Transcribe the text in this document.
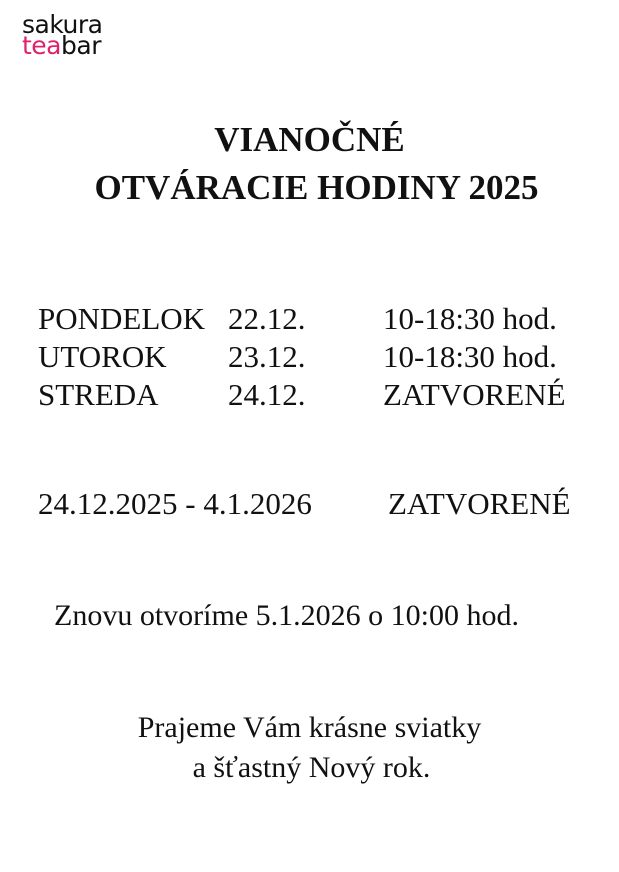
sakura
teabar
VIANOČNÉ
OTVÁRACIE HODINY 2025
PONDELOK 22.12.	10-18:30 hod.
UTOROK 23.12.	10-18:30 hod.
STREDA 24.12.	ZATVORENÉ
24.12.2025 - 4.1.2026 ZATVORENÉ
Znovu otvoríme 5.1.2026 o 10:00 hod.
Prajeme Vám krásne sviatky
a šťastný Nový rok.
